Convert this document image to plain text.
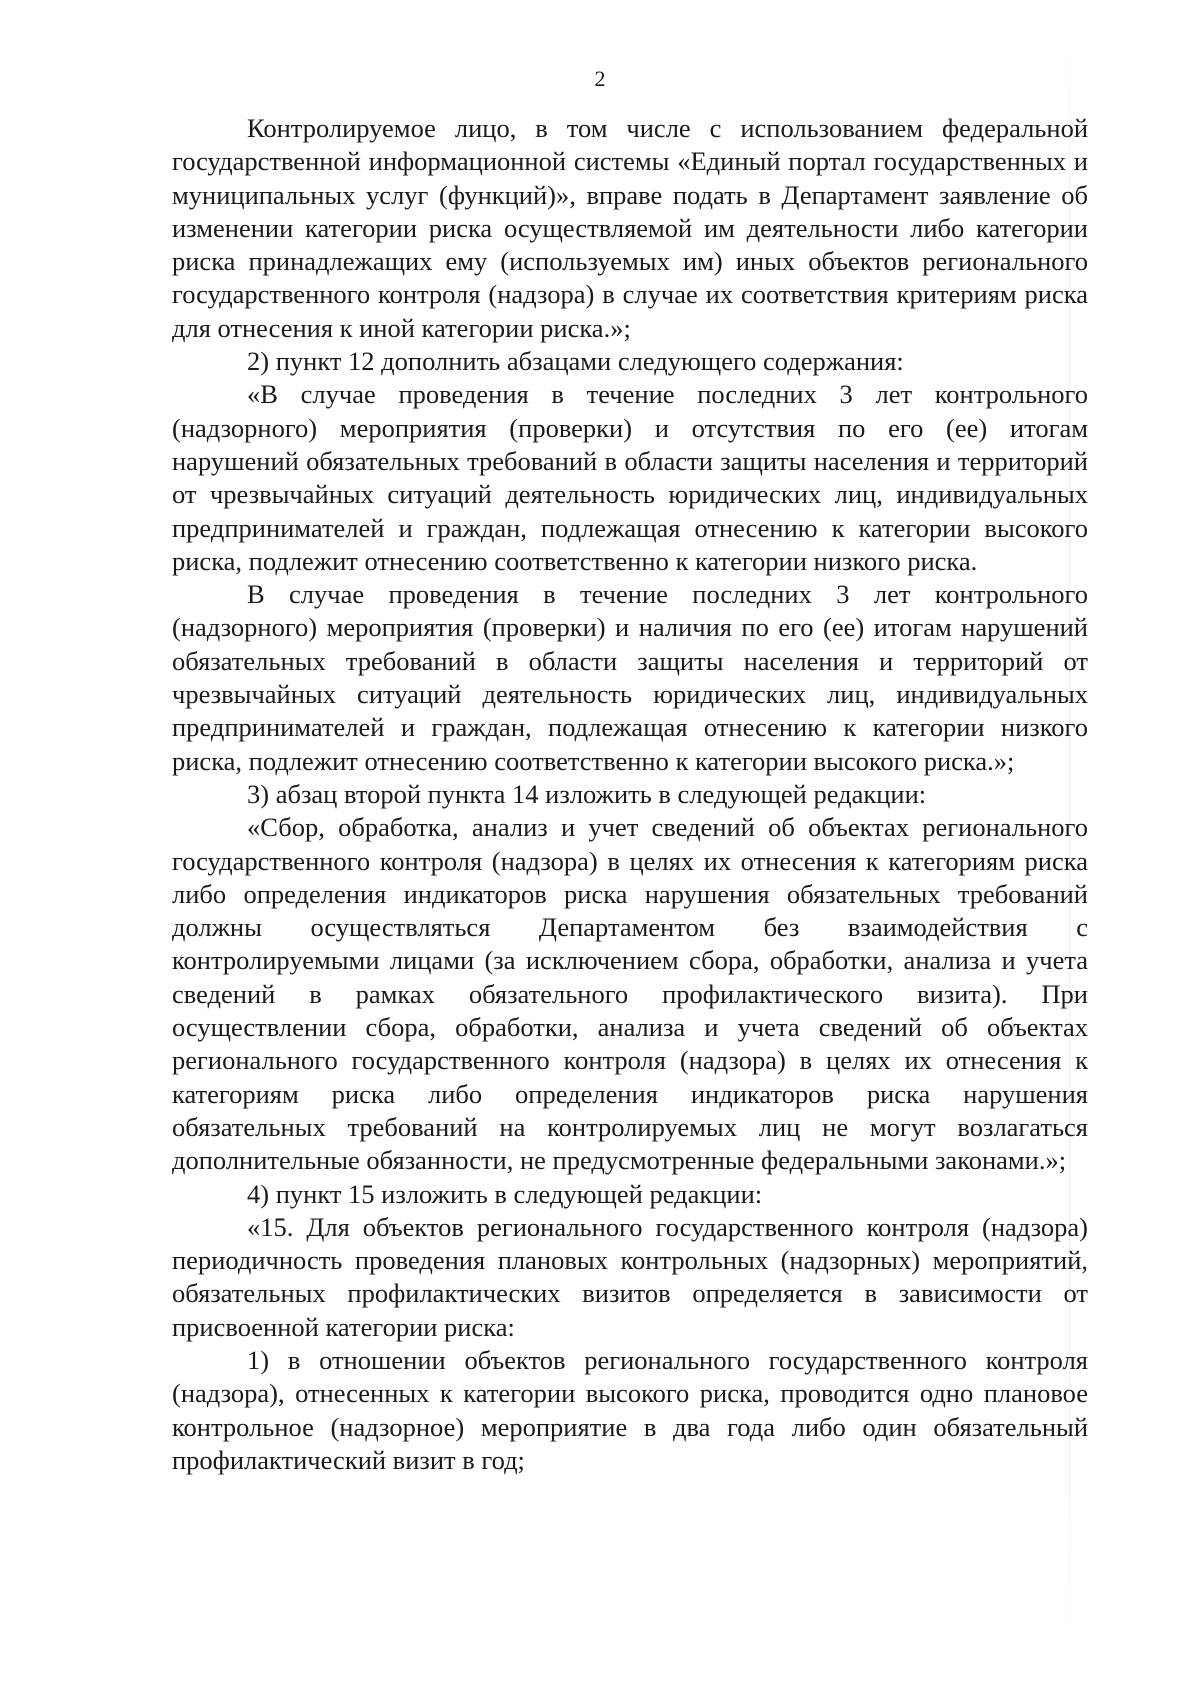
2

Контролируемое лицо, в том числе с использованием федеральной государственной информационной системы «Единый портал государственных и муниципальных услуг (функций)», вправе подать в Департамент заявление об изменении категории риска осуществляемой им деятельности либо категории риска принадлежащих ему (используемых им) иных объектов регионального государственного контроля (надзора) в случае их соответствия критериям риска для отнесения к иной категории риска.»;

2) пункт 12 дополнить абзацами следующего содержания:

«В случае проведения в течение последних 3 лет контрольного (надзорного) мероприятия (проверки) и отсутствия по его (ее) итогам нарушений обязательных требований в области защиты населения и территорий от чрезвычайных ситуаций деятельность юридических лиц, индивидуальных предпринимателей и граждан, подлежащая отнесению к категории высокого риска, подлежит отнесению соответственно к категории низкого риска.

В случае проведения в течение последних 3 лет контрольного (надзорного) мероприятия (проверки) и наличия по его (ее) итогам нарушений обязательных требований в области защиты населения и территорий от чрезвычайных ситуаций деятельность юридических лиц, индивидуальных предпринимателей и граждан, подлежащая отнесению к категории низкого риска, подлежит отнесению соответственно к категории высокого риска.»;

3) абзац второй пункта 14 изложить в следующей редакции:

«Сбор, обработка, анализ и учет сведений об объектах регионального государственного контроля (надзора) в целях их отнесения к категориям риска либо определения индикаторов риска нарушения обязательных требований должны осуществляться Департаментом без взаимодействия с контролируемыми лицами (за исключением сбора, обработки, анализа и учета сведений в рамках обязательного профилактического визита). При осуществлении сбора, обработки, анализа и учета сведений об объектах регионального государственного контроля (надзора) в целях их отнесения к категориям риска либо определения индикаторов риска нарушения обязательных требований на контролируемых лиц не могут возлагаться дополнительные обязанности, не предусмотренные федеральными законами.»;

4) пункт 15 изложить в следующей редакции:

«15. Для объектов регионального государственного контроля (надзора) периодичность проведения плановых контрольных (надзорных) мероприятий, обязательных профилактических визитов определяется в зависимости от присвоенной категории риска:

1) в отношении объектов регионального государственного контроля (надзора), отнесенных к категории высокого риска, проводится одно плановое контрольное (надзорное) мероприятие в два года либо один обязательный профилактический визит в год;
